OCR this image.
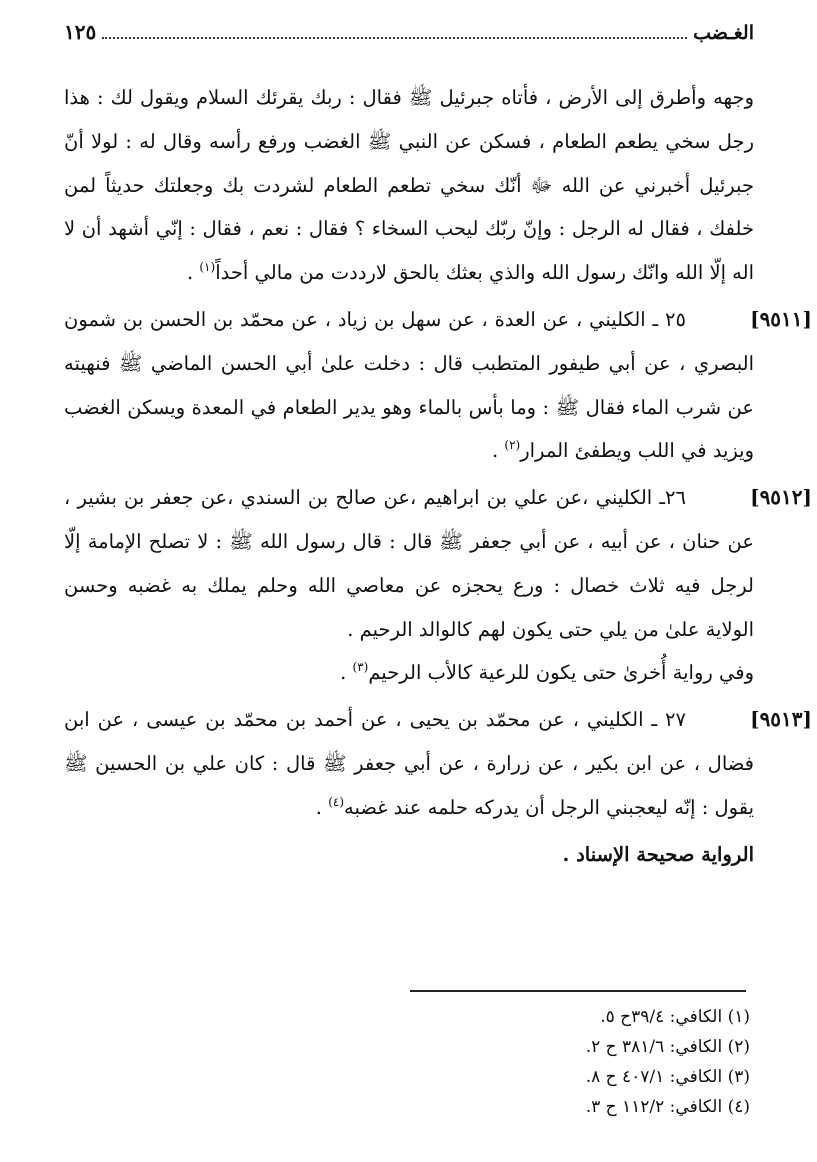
الغـضب
١٢٥

وجهه وأطرق إلى الأرض ، فأتاه جبرئيل ﷺ فقال : ربك يقرئك السلام ويقول لك : هذا رجل سخي يطعم الطعام ، فسكن عن النبي ﷺ الغضب ورفع رأسه وقال له : لولا أنّ جبرئيل أخبرني عن الله ﷻ أنّك سخي تطعم الطعام لشردت بك وجعلتك حديثاً لمن خلفك ، فقال له الرجل : وإنّ ربّك ليحب السخاء ؟ فقال : نعم ، فقال : إنّي أشهد أن لا اله إلّا الله وانّك رسول الله والذي بعثك بالحق لارددت من مالي أحداً$^{(١)}$ .

[٩٥١١]

٢٥ ـ الكليني ، عن العدة ، عن سهل بن زياد ، عن محمّد بن الحسن بن شمون البصري ، عن أبي طيفور المتطبب قال : دخلت علىٰ أبي الحسن الماضي ﷺ فنهيته عن شرب الماء فقال ﷺ : وما بأس بالماء وهو يدير الطعام في المعدة ويسكن الغضب ويزيد في اللب ويطفئ المرار$^{(٢)}$ .

[٩٥١٢]

٢٦ـ الكليني ،عن علي بن ابراهيم ،عن صالح بن السندي ،عن جعفر بن بشير ، عن حنان ، عن أبيه ، عن أبي جعفر ﷺ قال : قال رسول الله ﷺ : لا تصلح الإمامة إلّا لرجل فيه ثلاث خصال : ورع يحجزه عن معاصي الله وحلم يملك به غضبه وحسن الولاية علىٰ من يلي حتى يكون لهم كالوالد الرحيم .

وفي رواية أُخرىٰ حتى يكون للرعية كالأب الرحيم$^{(٣)}$ .

[٩٥١٣]

٢٧ ـ الكليني ، عن محمّد بن يحيى ، عن أحمد بن محمّد بن عيسى ، عن ابن فضال ، عن ابن بكير ، عن زرارة ، عن أبي جعفر ﷺ قال : كان علي بن الحسين ﷺ يقول : إنّه ليعجبني الرجل أن يدركه حلمه عند غضبه$^{(٤)}$ .

الرواية صحيحة الإسناد .

(١) الكافي: ٣٩/٤ح ٥.
(٢) الكافي: ٣٨١/٦ ح ٢.
(٣) الكافي: ٤٠٧/١ ح ٨.
(٤) الكافي: ١١٢/٢ ح ٣.
